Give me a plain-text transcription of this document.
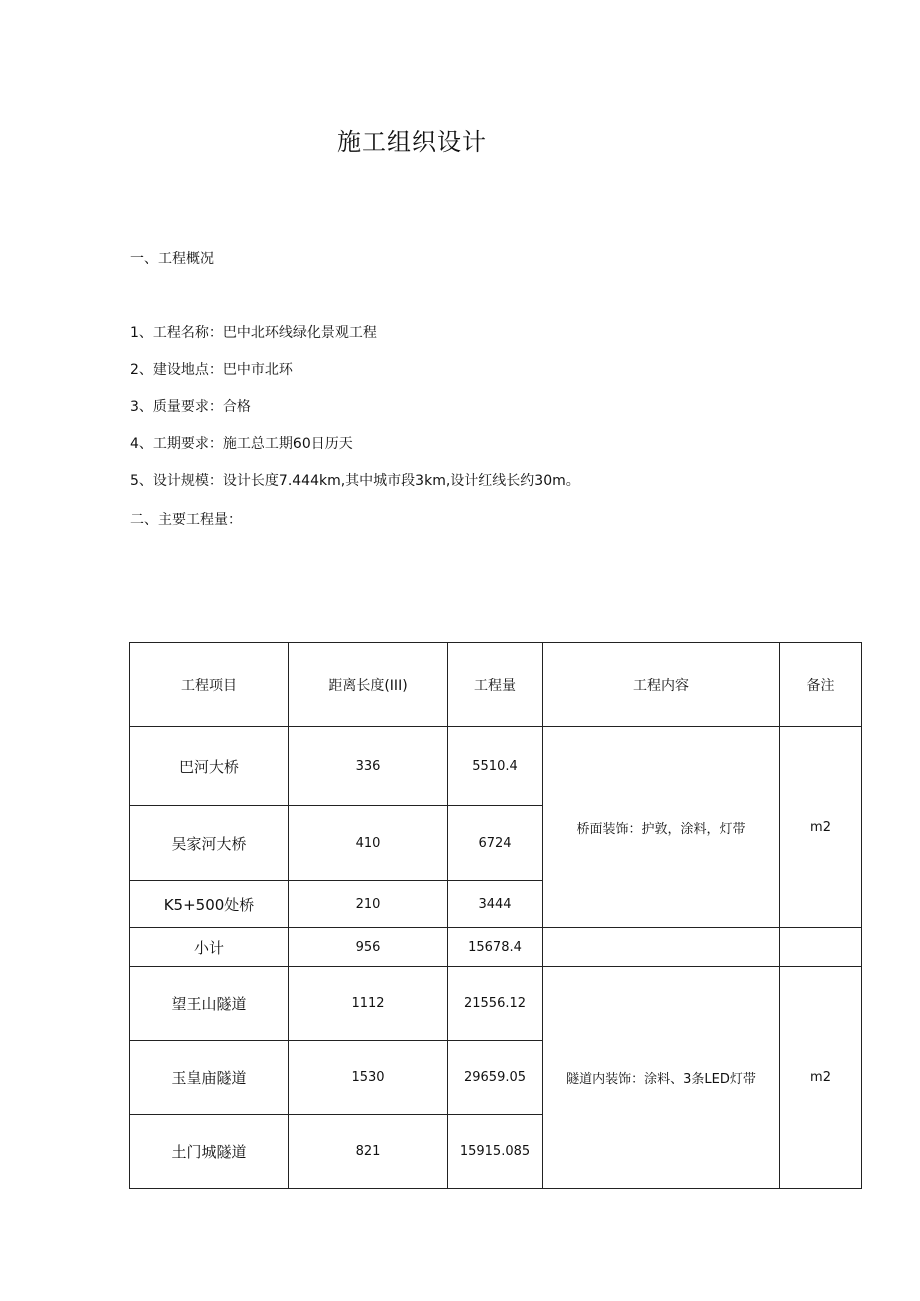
施工组织设计
一、工程概况
1、工程名称：巴中北环线绿化景观工程
2、建设地点：巴中市北环
3、质量要求：合格
4、工期要求：施工总工期60日历天
5、设计规模：设计长度7.444km,其中城市段3km,设计红线长约30m。
二、主要工程量：
工程项目	距离长度(III)	工程量	工程内容	备注
巴河大桥	336	5510.4	桥面装饰：护敦，涂料，灯带	m2
吴家河大桥	410	6724		
K5+500处桥	210	3444		
小计	956	15678.4		
望王山隧道	1112	21556.12	隧道内装饰：涂料、3条LED灯带	m2
玉皇庙隧道	1530	29659.05		
土门城隧道	821	15915.085		
